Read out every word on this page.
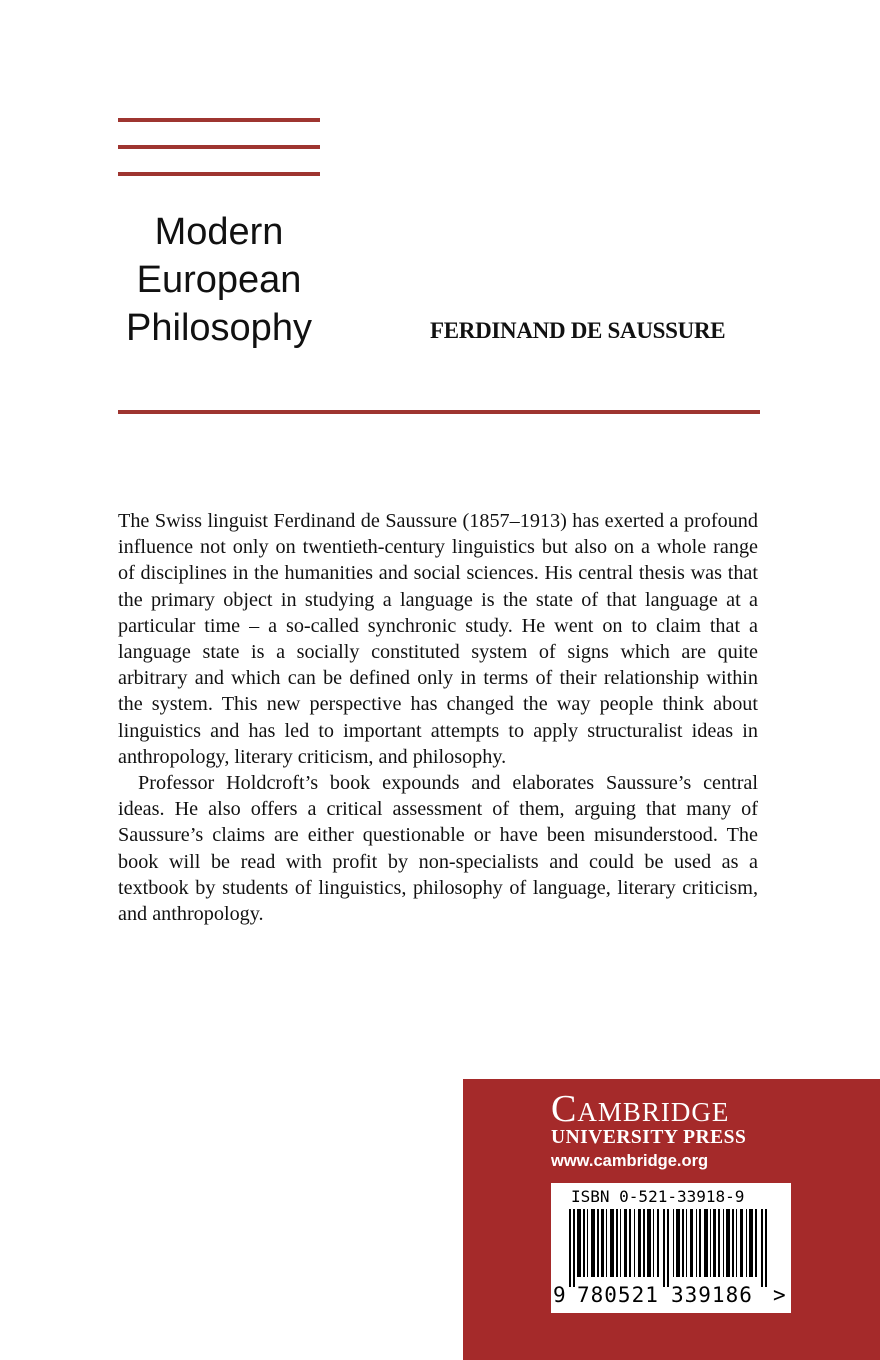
Modern
European
Philosophy	FERDINAND DE SAUSSURE

The Swiss linguist Ferdinand de Saussure (1857–1913) has exerted a profound influence not only on twentieth-century linguistics but also on a whole range of disciplines in the humanities and social sciences. His central thesis was that the primary object in studying a language is the state of that language at a particular time – a so-called synchronic study. He went on to claim that a language state is a socially constituted system of signs which are quite arbitrary and which can be defined only in terms of their relationship within the system. This new perspective has changed the way people think about linguistics and has led to important attempts to apply structuralist ideas in anthropology, literary criticism, and philosophy.

Professor Holdcroft’s book expounds and elaborates Saussure’s central ideas. He also offers a critical assessment of them, arguing that many of Saussure’s claims are either questionable or have been misunderstood. The book will be read with profit by non-specialists and could be used as a textbook by students of linguistics, philosophy of language, literary criticism, and anthropology.

Cambridge
UNIVERSITY PRESS
www.cambridge.org
ISBN 0-521-33918-9
9 780521 339186 >
